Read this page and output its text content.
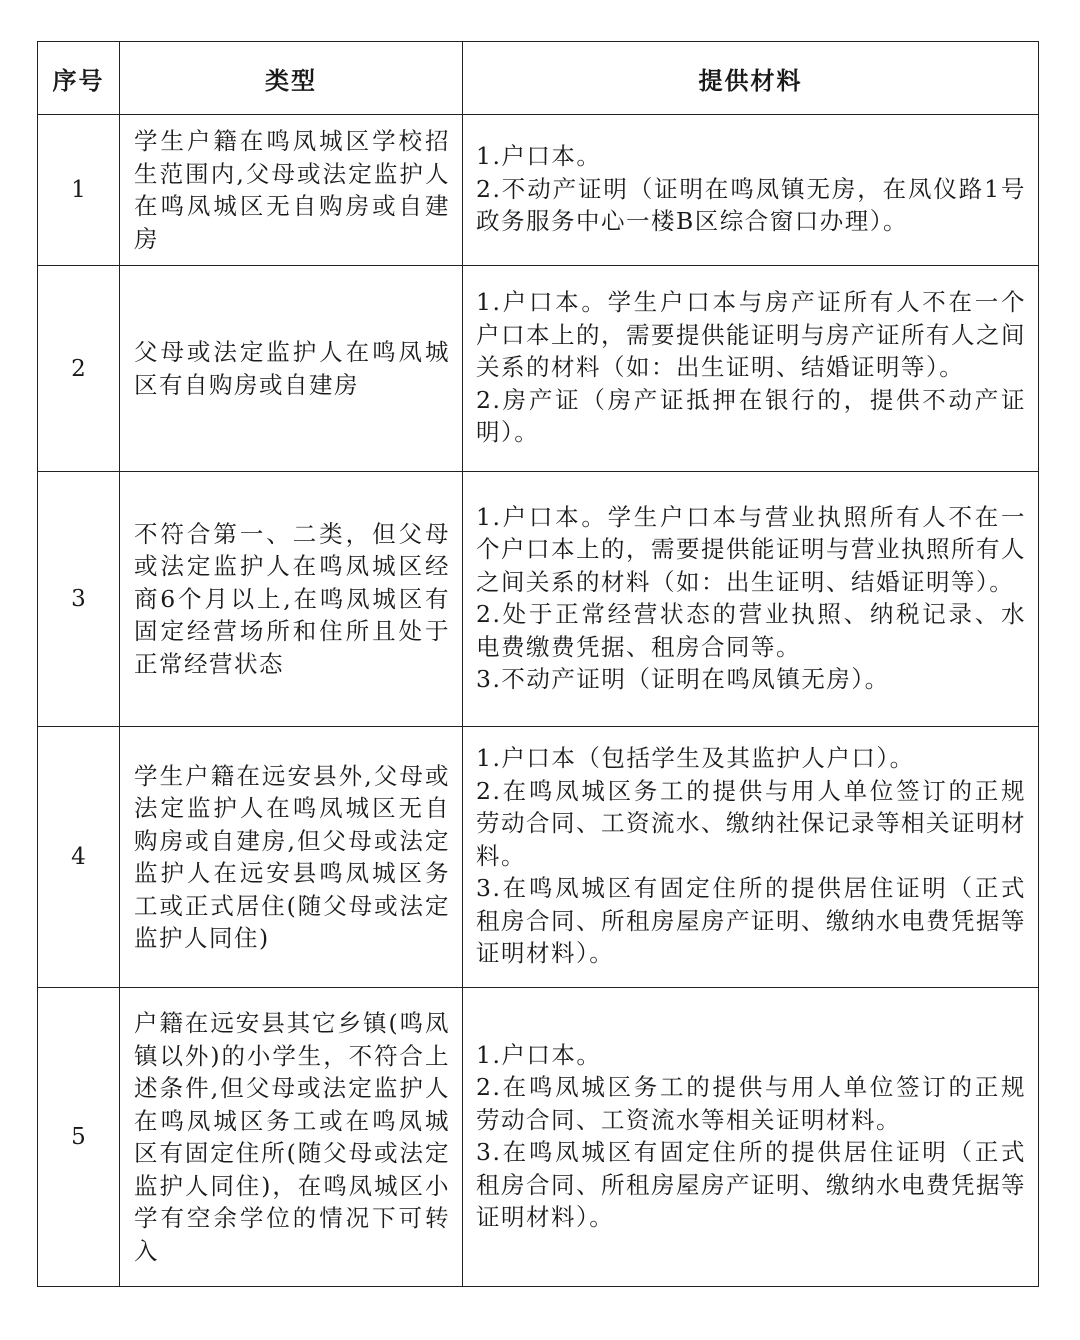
序号	类型	提供材料
1	学生户籍在鸣凤城区学校招生范围内,父母或法定监护人在鸣凤城区无自购房或自建房	1.户口本。
2.不动产证明（证明在鸣凤镇无房，在凤仪路1号政务服务中心一楼B区综合窗口办理）。

2	父母或法定监护人在鸣凤城区有自购房或自建房	1.户口本。学生户口本与房产证所有人不在一个户口本上的，需要提供能证明与房产证所有人之间关系的材料（如：出生证明、结婚证明等）。
2.房产证（房产证抵押在银行的，提供不动产证明）。

3	不符合第一、二类，但父母或法定监护人在鸣凤城区经商6个月以上,在鸣凤城区有固定经营场所和住所且处于正常经营状态	1.户口本。学生户口本与营业执照所有人不在一个户口本上的，需要提供能证明与营业执照所有人之间关系的材料（如：出生证明、结婚证明等）。
2.处于正常经营状态的营业执照、纳税记录、水电费缴费凭据、租房合同等。
3.不动产证明（证明在鸣凤镇无房）。

4	学生户籍在远安县外,父母或法定监护人在鸣凤城区无自购房或自建房,但父母或法定监护人在远安县鸣凤城区务工或正式居住(随父母或法定监护人同住)	1.户口本（包括学生及其监护人户口）。
2.在鸣凤城区务工的提供与用人单位签订的正规劳动合同、工资流水、缴纳社保记录等相关证明材料。
3.在鸣凤城区有固定住所的提供居住证明（正式租房合同、所租房屋房产证明、缴纳水电费凭据等证明材料）。

5	户籍在远安县其它乡镇(鸣凤镇以外)的小学生，不符合上述条件,但父母或法定监护人在鸣凤城区务工或在鸣凤城区有固定住所(随父母或法定监护人同住)，在鸣凤城区小学有空余学位的情况下可转入	1.户口本。
2.在鸣凤城区务工的提供与用人单位签订的正规劳动合同、工资流水等相关证明材料。
3.在鸣凤城区有固定住所的提供居住证明（正式租房合同、所租房屋房产证明、缴纳水电费凭据等证明材料）。
